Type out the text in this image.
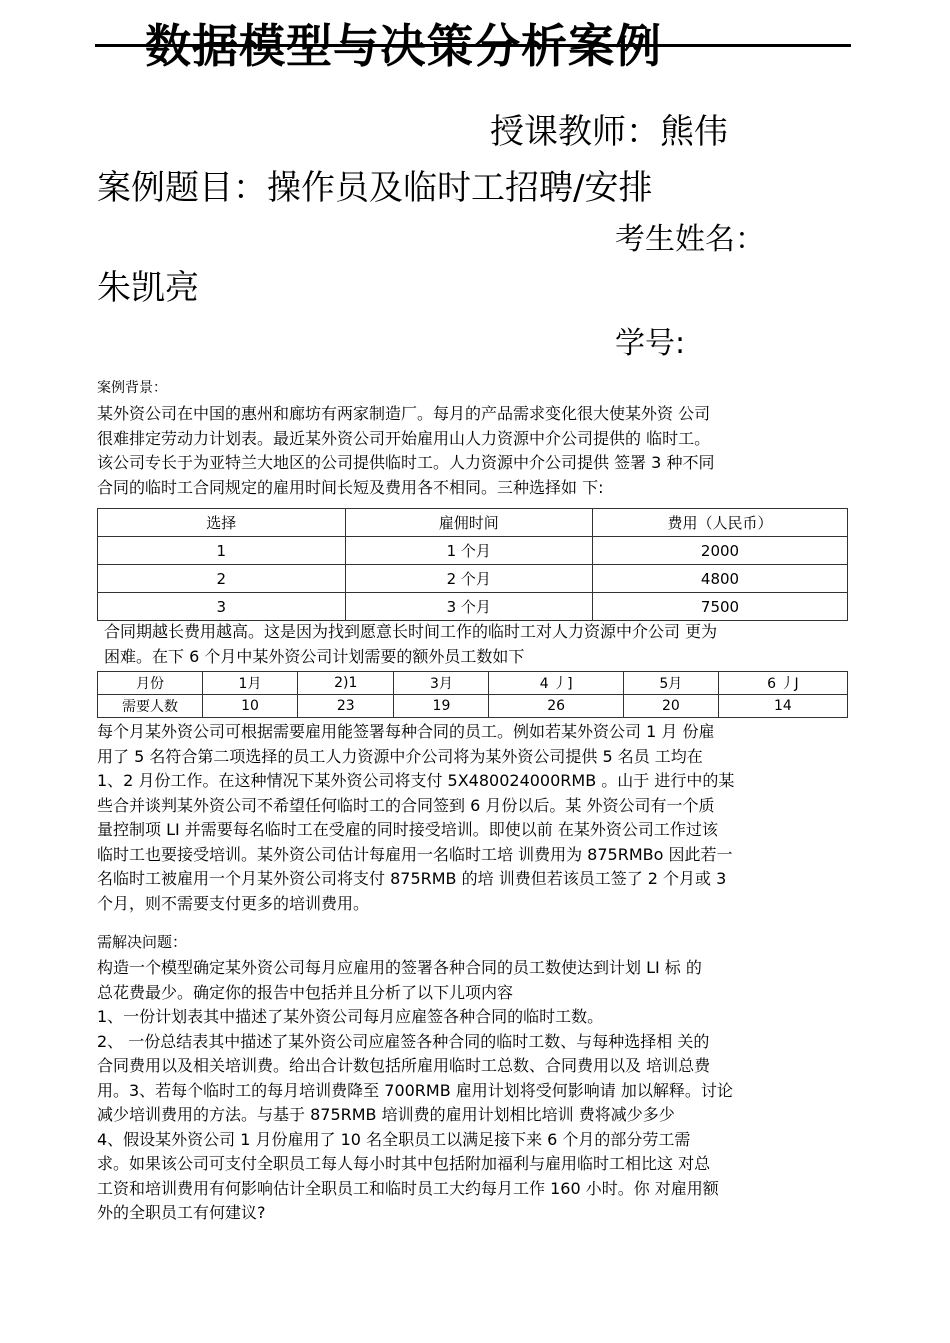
数据模型与决策分析案例
授课教师：熊伟
案例题目：操作员及临时工招聘/安排
考生姓名：
朱凯亮
学号:
案例背景：
某外资公司在中国的惠州和廊坊有两家制造厂。每月的产品需求变化很大使某外资 公司
很难排定劳动力计划表。最近某外资公司开始雇用山人力资源中介公司提供的 临时工。
该公司专长于为亚特兰大地区的公司提供临时工。人力资源中介公司提供 签署 3 种不同
合同的临时工合同规定的雇用时间长短及费用各不相同。三种选择如 下:
选择	雇佣时间	费用（人民币）
1	1 个月	2000
2	2 个月	4800
3	3 个月	7500
合同期越长费用越高。这是因为找到愿意长时间工作的临时工对人力资源中介公司 更为
困难。在下 6 个月中某外资公司计划需要的额外员工数如下
月份	1月	2)1	3月	4 丿]	5月	6 丿J
需要人数	10	23	19	26	20	14
每个月某外资公司可根据需要雇用能签署每种合同的员工。例如若某外资公司 1 月 份雇
用了 5 名符合第二项选择的员工人力资源中介公司将为某外资公司提供 5 名员 工均在
1、2 月份工作。在这种情况下某外资公司将支付 5X480024000RMB 。山于 进行中的某
些合并谈判某外资公司不希望任何临时工的合同签到 6 月份以后。某 外资公司有一个质
量控制项 LI 并需要每名临时工在受雇的同时接受培训。即使以前 在某外资公司工作过该
临时工也要接受培训。某外资公司估计每雇用一名临时工培 训费用为 875RMBo 因此若一
名临时工被雇用一个月某外资公司将支付 875RMB 的培 训费但若该员工签了 2 个月或 3
个月，则不需要支付更多的培训费用。
需解决问题：
构造一个模型确定某外资公司每月应雇用的签署各种合同的员工数使达到计划 LI 标 的
总花费最少。确定你的报告中包括并且分析了以下儿项内容
1、一份计划表其中描述了某外资公司每月应雇签各种合同的临时工数。
2、 一份总结表其中描述了某外资公司应雇签各种合同的临时工数、与每种选择相 关的
合同费用以及相关培训费。给出合计数包括所雇用临时工总数、合同费用以及 培训总费
用。3、若每个临时工的每月培训费降至 700RMB 雇用计划将受何影响请 加以解释。讨论
减少培训费用的方法。与基于 875RMB 培训费的雇用计划相比培训 费将减少多少
4、假设某外资公司 1 月份雇用了 10 名全职员工以满足接下来 6 个月的部分劳工需
求。如果该公司可支付全职员工每人每小时其中包括附加福利与雇用临时工相比这 对总
工资和培训费用有何影响估计全职员工和临时员工大约每月工作 160 小时。你 对雇用额
外的全职员工有何建议?
